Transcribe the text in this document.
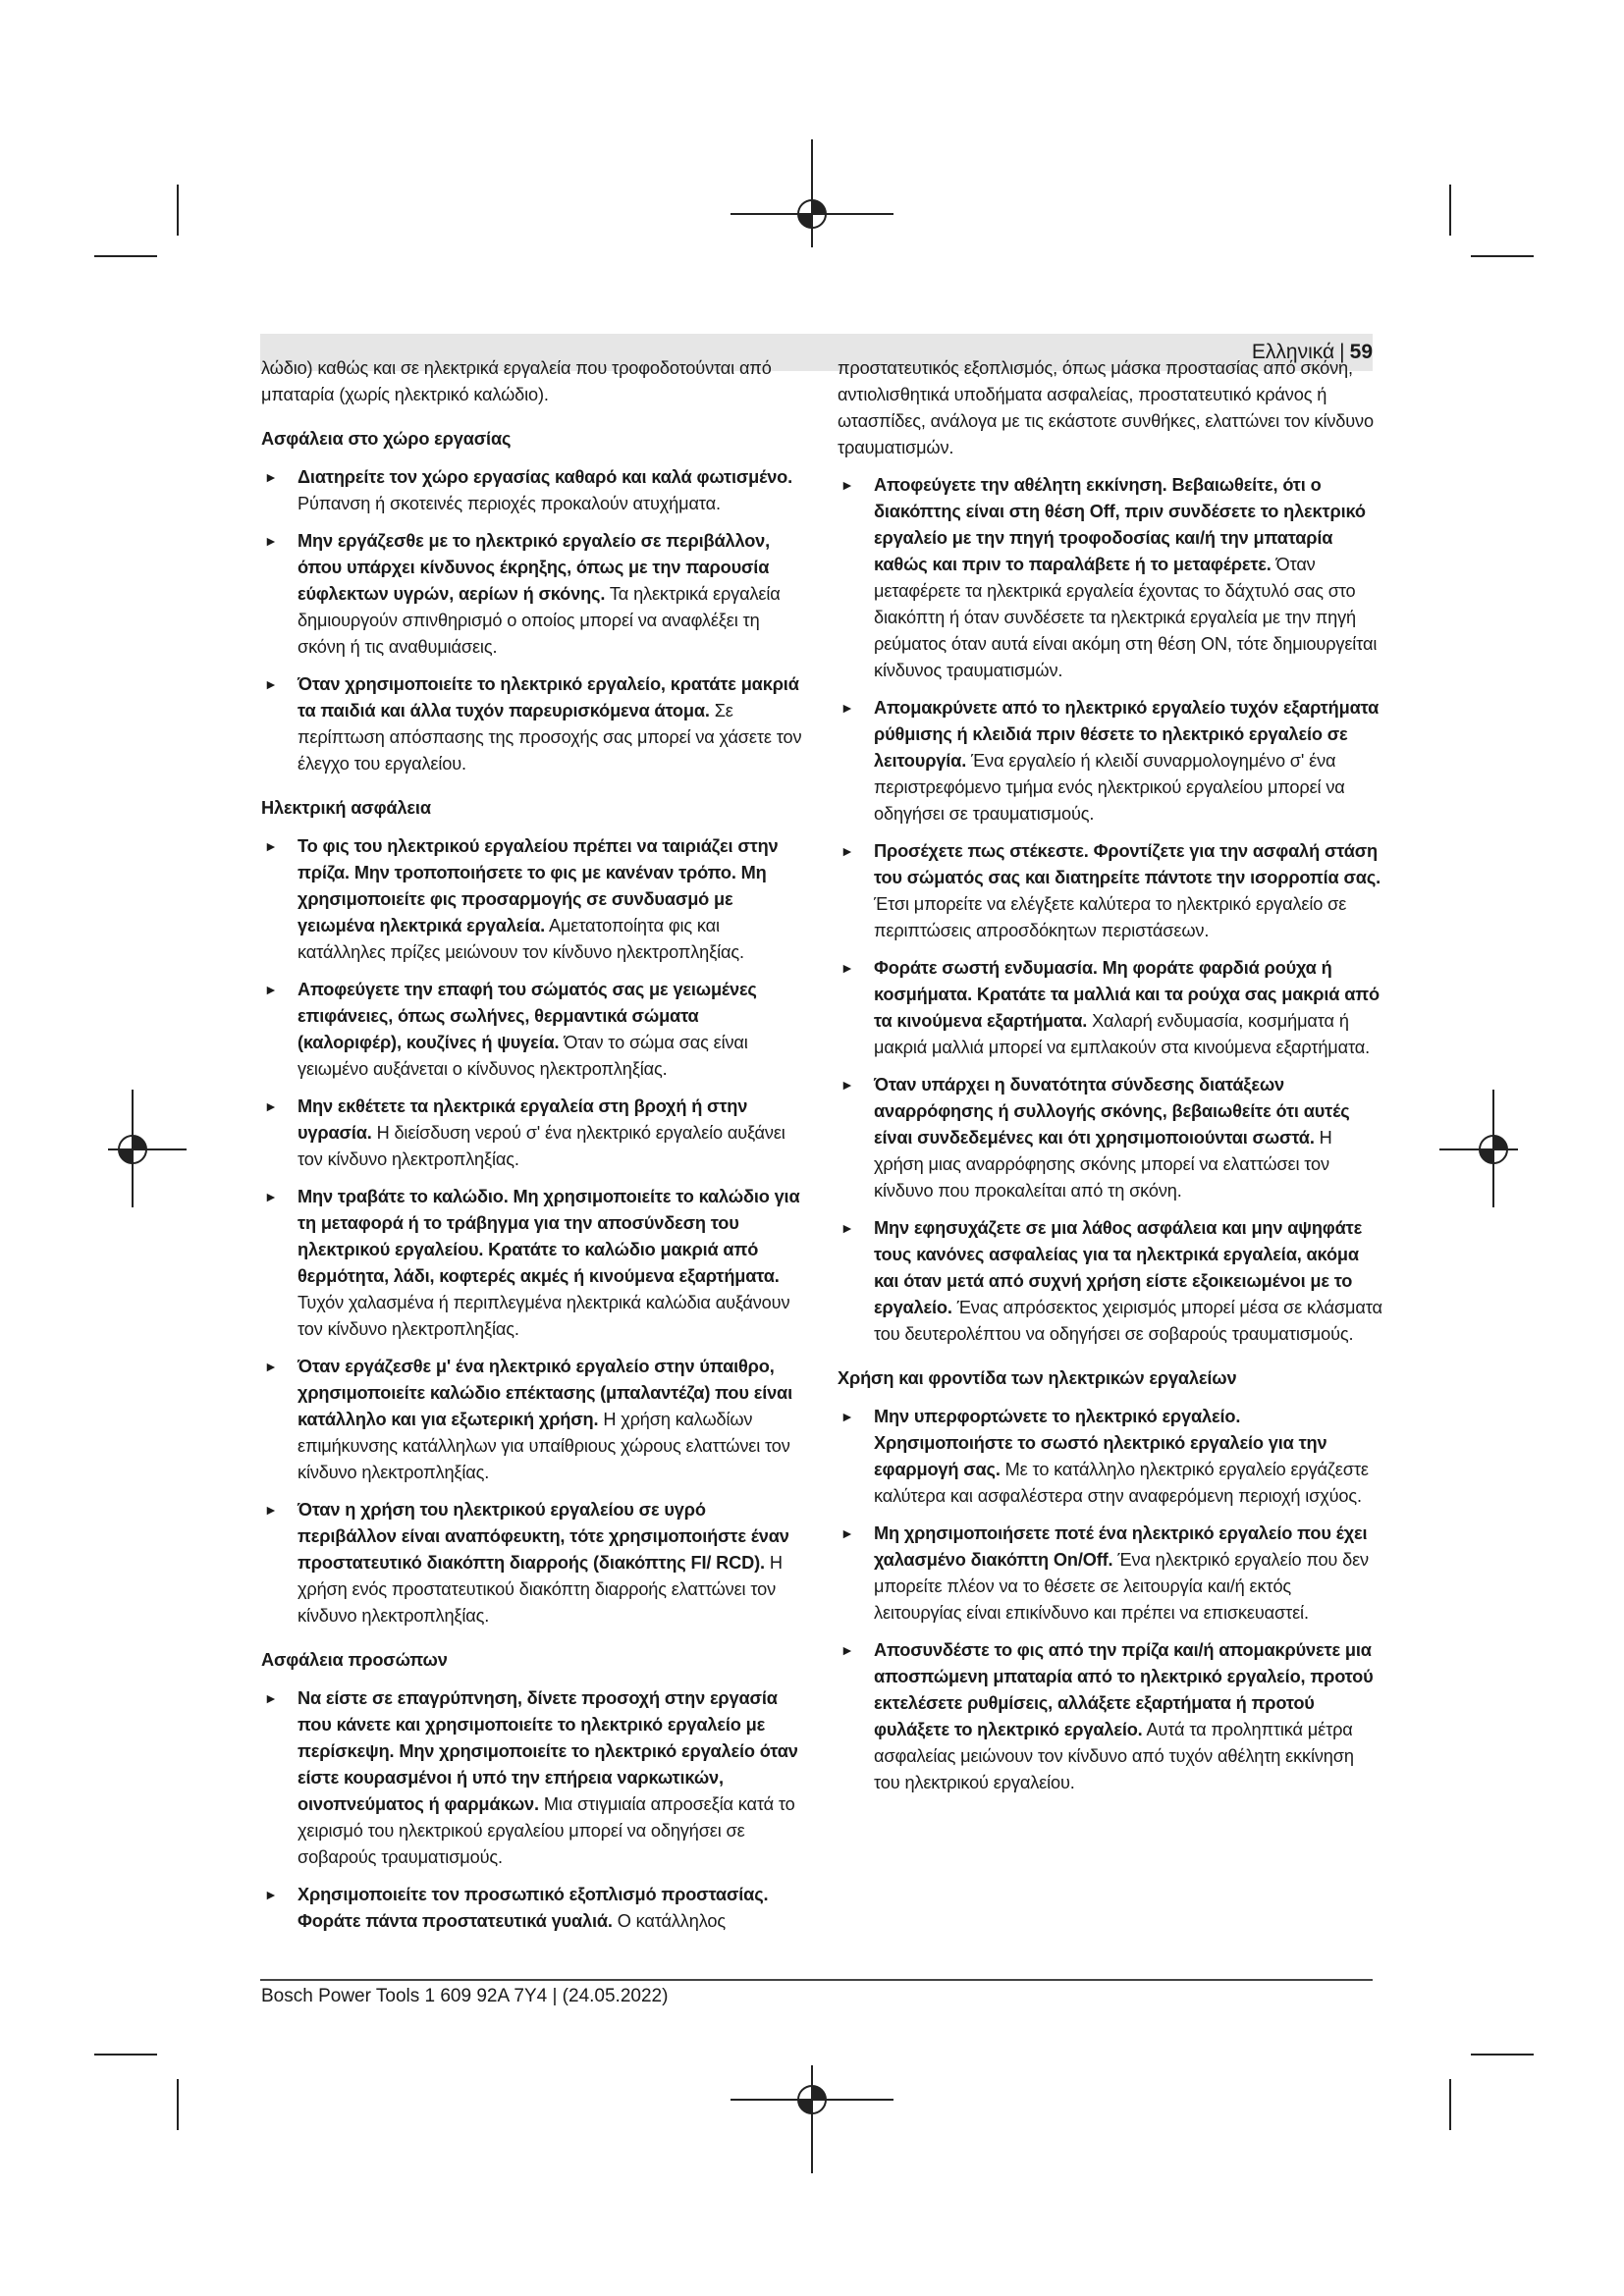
Ελληνικά | 59

λώδιο) καθώς και σε ηλεκτρικά εργαλεία που τροφοδοτούνται από μπαταρία (χωρίς ηλεκτρικό καλώδιο).

Ασφάλεια στο χώρο εργασίας
► Διατηρείτε τον χώρο εργασίας καθαρό και καλά φωτισμένο. Ρύπανση ή σκοτεινές περιοχές προκαλούν ατυχήματα.
► Μην εργάζεσθε με το ηλεκτρικό εργαλείο σε περιβάλλον, όπου υπάρχει κίνδυνος έκρηξης, όπως με την παρουσία εύφλεκτων υγρών, αερίων ή σκόνης. Τα ηλεκτρικά εργαλεία δημιουργούν σπινθηρισμό ο οποίος μπορεί να αναφλέξει τη σκόνη ή τις αναθυμιάσεις.
► Όταν χρησιμοποιείτε το ηλεκτρικό εργαλείο, κρατάτε μακριά τα παιδιά και άλλα τυχόν παρευρισκόμενα άτομα. Σε περίπτωση απόσπασης της προσοχής σας μπορεί να χάσετε τον έλεγχο του εργαλείου.
Ηλεκτρική ασφάλεια
► Το φις του ηλεκτρικού εργαλείου πρέπει να ταιριάζει στην πρίζα. Μην τροποποιήσετε το φις με κανέναν τρόπο. Μη χρησιμοποιείτε φις προσαρμογής σε συνδυασμό με γειωμένα ηλεκτρικά εργαλεία. Αμετατοποίητα φις και κατάλληλες πρίζες μειώνουν τον κίνδυνο ηλεκτροπληξίας.
► Αποφεύγετε την επαφή του σώματός σας με γειωμένες επιφάνειες, όπως σωλήνες, θερμαντικά σώματα (καλοριφέρ), κουζίνες ή ψυγεία. Όταν το σώμα σας είναι γειωμένο αυξάνεται ο κίνδυνος ηλεκτροπληξίας.
► Μην εκθέτετε τα ηλεκτρικά εργαλεία στη βροχή ή στην υγρασία. Η διείσδυση νερού σ' ένα ηλεκτρικό εργαλείο αυξάνει τον κίνδυνο ηλεκτροπληξίας.
► Μην τραβάτε το καλώδιο. Μη χρησιμοποιείτε το καλώδιο για τη μεταφορά ή το τράβηγμα για την αποσύνδεση του ηλεκτρικού εργαλείου. Κρατάτε το καλώδιο μακριά από θερμότητα, λάδι, κοφτερές ακμές ή κινούμενα εξαρτήματα. Τυχόν χαλασμένα ή περιπλεγμένα ηλεκτρικά καλώδια αυξάνουν τον κίνδυνο ηλεκτροπληξίας.
► Όταν εργάζεσθε μ' ένα ηλεκτρικό εργαλείο στην ύπαιθρο, χρησιμοποιείτε καλώδιο επέκτασης (μπαλαντέζα) που είναι κατάλληλο και για εξωτερική χρήση. Η χρήση καλωδίων επιμήκυνσης κατάλληλων για υπαίθριους χώρους ελαττώνει τον κίνδυνο ηλεκτροπληξίας.
► Όταν η χρήση του ηλεκτρικού εργαλείου σε υγρό περιβάλλον είναι αναπόφευκτη, τότε χρησιμοποιήστε έναν προστατευτικό διακόπτη διαρροής (διακόπτης FI/ RCD). Η χρήση ενός προστατευτικού διακόπτη διαρροής ελαττώνει τον κίνδυνο ηλεκτροπληξίας.
Ασφάλεια προσώπων
► Να είστε σε επαγρύπνηση, δίνετε προσοχή στην εργασία που κάνετε και χρησιμοποιείτε το ηλεκτρικό εργαλείο με περίσκεψη. Μην χρησιμοποιείτε το ηλεκτρικό εργαλείο όταν είστε κουρασμένοι ή υπό την επήρεια ναρκωτικών, οινοπνεύματος ή φαρμάκων. Μια στιγμιαία απροσεξία κατά το χειρισμό του ηλεκτρικού εργαλείου μπορεί να οδηγήσει σε σοβαρούς τραυματισμούς.
► Χρησιμοποιείτε τον προσωπικό εξοπλισμό προστασίας. Φοράτε πάντα προστατευτικά γυαλιά. Ο κατάλληλος

προστατευτικός εξοπλισμός, όπως μάσκα προστασίας από σκόνη, αντιολισθητικά υποδήματα ασφαλείας, προστατευτικό κράνος ή ωτασπίδες, ανάλογα με τις εκάστοτε συνθήκες, ελαττώνει τον κίνδυνο τραυματισμών.

► Αποφεύγετε την αθέλητη εκκίνηση. Βεβαιωθείτε, ότι ο διακόπτης είναι στη θέση Off, πριν συνδέσετε το ηλεκτρικό εργαλείο με την πηγή τροφοδοσίας και/ή την μπαταρία καθώς και πριν το παραλάβετε ή το μεταφέρετε. Όταν μεταφέρετε τα ηλεκτρικά εργαλεία έχοντας το δάχτυλό σας στο διακόπτη ή όταν συνδέσετε τα ηλεκτρικά εργαλεία με την πηγή ρεύματος όταν αυτά είναι ακόμη στη θέση ON, τότε δημιουργείται κίνδυνος τραυματισμών.
► Απομακρύνετε από το ηλεκτρικό εργαλείο τυχόν εξαρτήματα ρύθμισης ή κλειδιά πριν θέσετε το ηλεκτρικό εργαλείο σε λειτουργία. Ένα εργαλείο ή κλειδί συναρμολογημένο σ' ένα περιστρεφόμενο τμήμα ενός ηλεκτρικού εργαλείου μπορεί να οδηγήσει σε τραυματισμούς.
► Προσέχετε πως στέκεστε. Φροντίζετε για την ασφαλή στάση του σώματός σας και διατηρείτε πάντοτε την ισορροπία σας. Έτσι μπορείτε να ελέγξετε καλύτερα το ηλεκτρικό εργαλείο σε περιπτώσεις απροσδόκητων περιστάσεων.
► Φοράτε σωστή ενδυμασία. Μη φοράτε φαρδιά ρούχα ή κοσμήματα. Κρατάτε τα μαλλιά και τα ρούχα σας μακριά από τα κινούμενα εξαρτήματα. Χαλαρή ενδυμασία, κοσμήματα ή μακριά μαλλιά μπορεί να εμπλακούν στα κινούμενα εξαρτήματα.
► Όταν υπάρχει η δυνατότητα σύνδεσης διατάξεων αναρρόφησης ή συλλογής σκόνης, βεβαιωθείτε ότι αυτές είναι συνδεδεμένες και ότι χρησιμοποιούνται σωστά. Η χρήση μιας αναρρόφησης σκόνης μπορεί να ελαττώσει τον κίνδυνο που προκαλείται από τη σκόνη.
► Μην εφησυχάζετε σε μια λάθος ασφάλεια και μην αψηφάτε τους κανόνες ασφαλείας για τα ηλεκτρικά εργαλεία, ακόμα και όταν μετά από συχνή χρήση είστε εξοικειωμένοι με το εργαλείο. Ένας απρόσεκτος χειρισμός μπορεί μέσα σε κλάσματα του δευτερολέπτου να οδηγήσει σε σοβαρούς τραυματισμούς.
Χρήση και φροντίδα των ηλεκτρικών εργαλείων
► Μην υπερφορτώνετε το ηλεκτρικό εργαλείο. Χρησιμοποιήστε το σωστό ηλεκτρικό εργαλείο για την εφαρμογή σας. Με το κατάλληλο ηλεκτρικό εργαλείο εργάζεστε καλύτερα και ασφαλέστερα στην αναφερόμενη περιοχή ισχύος.
► Μη χρησιμοποιήσετε ποτέ ένα ηλεκτρικό εργαλείο που έχει χαλασμένο διακόπτη On/Off. Ένα ηλεκτρικό εργαλείο που δεν μπορείτε πλέον να το θέσετε σε λειτουργία και/ή εκτός λειτουργίας είναι επικίνδυνο και πρέπει να επισκευαστεί.
► Αποσυνδέστε το φις από την πρίζα και/ή απομακρύνετε μια αποσπώμενη μπαταρία από το ηλεκτρικό εργαλείο, προτού εκτελέσετε ρυθμίσεις, αλλάξετε εξαρτήματα ή προτού φυλάξετε το ηλεκτρικό εργαλείο. Αυτά τα προληπτικά μέτρα ασφαλείας μειώνουν τον κίνδυνο από τυχόν αθέλητη εκκίνηση του ηλεκτρικού εργαλείου.
Bosch Power Tools 1 609 92A 7Y4 | (24.05.2022)
